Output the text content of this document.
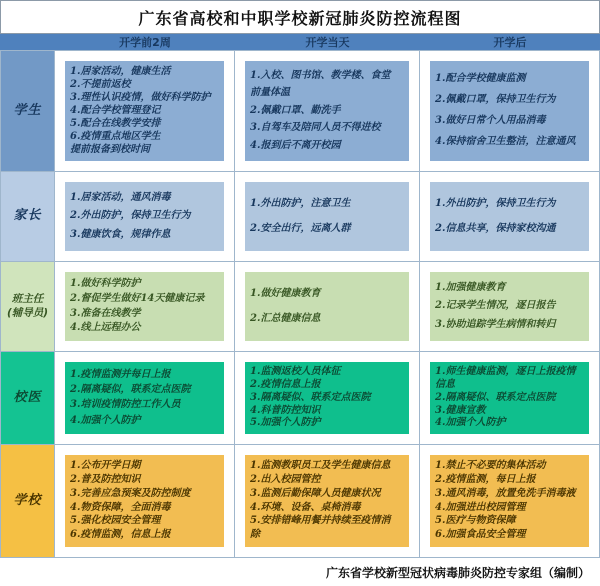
广东省高校和中职学校新冠肺炎防控流程图
开学前2周	开学当天	开学后
学生
1.居家活动，健康生活
2.不提前返校
3.理性认识疫情，做好科学防护
4.配合学校管理登记
5.配合在线教学安排
6.疫情重点地区学生
提前报备到校时间
1.入校、图书馆、教学楼、食堂
前量体温
2.佩戴口罩、勤洗手
3.自驾车及陪同人员不得进校
4.报到后不离开校园
1.配合学校健康监测
2.佩戴口罩，保持卫生行为
3.做好日常个人用品消毒
4.保持宿舍卫生整洁，注意通风
家长
1.居家活动，通风消毒
2.外出防护，保持卫生行为
3.健康饮食，规律作息
1.外出防护，注意卫生
2.安全出行，远离人群
1.外出防护，保持卫生行为
2.信息共享，保持家校沟通
班主任
(辅导员)
1.做好科学防护
2.督促学生做好14天健康记录
3.准备在线教学
4.线上远程办公
1.做好健康教育
2.汇总健康信息
1.加强健康教育
2.记录学生情况，逐日报告
3.协助追踪学生病情和转归
校医
1.疫情监测并每日上报
2.隔离疑似，联系定点医院
3.培训疫情防控工作人员
4.加强个人防护
1.监测返校人员体征
2.疫情信息上报
3.隔离疑似、联系定点医院
4.科普防控知识
5.加强个人防护
1.师生健康监测，逐日上报疫情
信息
2.隔离疑似、联系定点医院
3.健康宣教
4.加强个人防护
学校
1.公布开学日期
2.普及防控知识
3.完善应急预案及防控制度
4.物资保障，全面消毒
5.强化校园安全管理
6.疫情监测，信息上报
1.监测教职员工及学生健康信息
2.出入校园管控
3.监测后勤保障人员健康状况
4.环境、设备、桌椅消毒
5.安排错峰用餐并持续至疫情消
除
1.禁止不必要的集体活动
2.疫情监测，每日上报
3.通风消毒，放置免洗手消毒液
4.加强进出校园管理
5.医疗与物资保障
6.加强食品安全管理
广东省学校新型冠状病毒肺炎防控专家组（编制）
